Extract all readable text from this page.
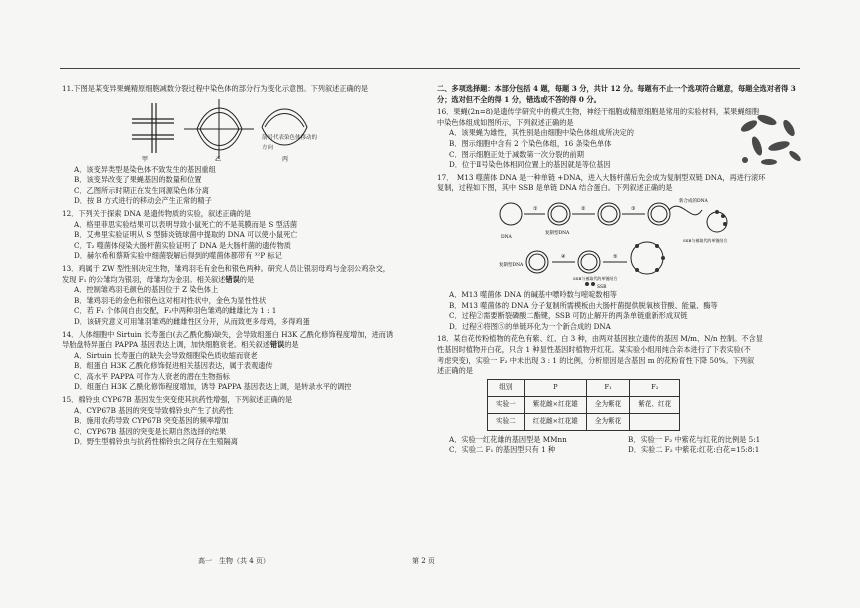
11.下图是某变异果蝇精原细胞减数分裂过程中染色体的部分行为变化示意图。下列叙述正确的是
甲	乙	丙
箭号代表染色体移动的方向
A．该变异类型是染色体不致发生的基因重组
B．该变异改变了果蝇基因的数量和位置
C．乙图所示时期正在发生同源染色体分离
D．按 B 方式进行的移动会产生正常的精子
12．下列关于探索 DNA 是遗传物质的实验，叙述正确的是
A．格里菲思实验结果可以表明导致小鼠死亡的不是英膜而是 S 型活菌
B．艾弗里实验证明从 S 型肺炎链球菌中提取的 DNA 可以使小鼠死亡
C．T₂ 噬菌体侵染大肠杆菌实验证明了 DNA 是大肠杆菌的遗传物质
D．赫尔希和蔡斯实验中细菌裂解后得到的噬菌体都带有 ³²P 标记
13．鸡属于 ZW 型性别决定生物，雏鸡羽毛有金色和银色两种。研究人员让银羽母鸡与金羽公鸡杂交，
发现 F₁ 的公雏均为银羽，母雏均为金羽。相关叙述错误的是
A．控制雏鸡羽毛颜色的基因位于 Z 染色体上
B．雏鸡羽毛的金色和银色这对相对性状中，金色为显性性状
C．若 F₁ 个体间自由交配，F₂中两种羽色雏鸡的雌雄比为 1 : 1
D．该研究意义可用雏羽雏鸡的雌雄性区分开，从而致更多母鸡，多得鸡蛋
14．人体细胞中 Sirtuin 长寿蛋白(去乙酰化酶)缺失，会导致组蛋白 H3K 乙酰化修饰程度增加，进而诱
导胎盘特异蛋白 PAPPA 基因表达上调，加快细胞衰老。相关叙述错误的是
A．Sirtuin 长寿蛋白的缺失会导致细胞染色质收缩而衰老
B．组蛋白 H3K 乙酰化修饰促进相关基因表达，属于表观遗传
C．高水平 PAPPA 可作为人衰老的潜在生物指标
D．组蛋白 H3K 乙酰化修饰程度增加，诱导 PAPPA 基因表达上调，是转录水平的调控
15．棉铃虫 CYP67B 基因发生突变使其抗药性增强，下列叙述正确的是
A．CYP67B 基因的突变导致棉铃虫产生了抗药性
B．施用农药导致 CYP67B 突变基因的频率增加
C．CYP67B 基因的突变是长期自然选择的结果
D．野生型棉铃虫与抗药性棉铃虫之间存在生殖隔离
二、多项选择题：本部分包括 4 题，每题 3 分，共计 12 分。每题有不止一个选项符合题意，每题全选对者得 3 分；选对但不全的得 1 分，错选或不答的得 0 分。
16．果蝇(2n=8)是遗传学研究中的模式生物，神经干细胞或精原细胞是常用的实验材料，某果蝇细胞
中染色体组成如图所示，下列叙述正确的是
A．该果蝇为雄性，其性别是由细胞中染色体组成所决定的
B．图示细胞中含有 2 个染色体组，16 条染色单体
C．图示细胞正处于减数第一次分裂的前期
D．位于Ⅱ号染色体相同位置上的基因就是等位基因
17．　M13 噬菌体 DNA 是一种单链 +DNA，进入大肠杆菌后先会成为复制型双链 DNA，再进行滚环
复制，过程如下图，其中 SSB 是单链 DNA 结合蛋白。下列叙述正确的是
①	②	③
④	⑤
DNA
复制型DNA
新合成的DNA
SSB与被取代的单链结合
复制型DNA
SSB与被取代的单链结合
SSB
A．M13 噬菌体 DNA 的碱基中嘌呤数与嘧啶数相等
B．M13 噬菌体的 DNA 分子复制所需模板由大肠杆菌提供脱氧核苷酸、能量、酶等
C．过程②需要断裂磷酸二酯键，SSB 可防止解开的两条单链重新形成双链
D．过程④将图⑤的单链环化为一个新合成的 DNA
18．某自花传粉植物的花色有紫、红、白 3 种，由两对基因独立遗传的基因 M/m、N/n 控制。不含显
性基因时植物开白花，只含 1 种显性基因时植物开红花。某实验小组用纯合亲本进行了下表实验(不
考虑突变)，实验一 F₂ 中未出现 3 : 1 的比例，分析原因是含基因 m 的花粉育性下降 50%。下列叙
述正确的是
组别	P	F₁	F₂
实验一	紫花雌×红花雄	全为紫花	紫花、红花
实验二	红花雌×红花雄	全为紫花	
A．实验一红花雄的基因型是 MMnn	B．实验一 F₂ 中紫花与红花的比例是 5:1
C．实验二 F₁ 的基因型只有 1 种	D．实验二 F₂ 中紫花:红花:白花=15:8:1
高一　生物（共 4 页）	第 2 页
